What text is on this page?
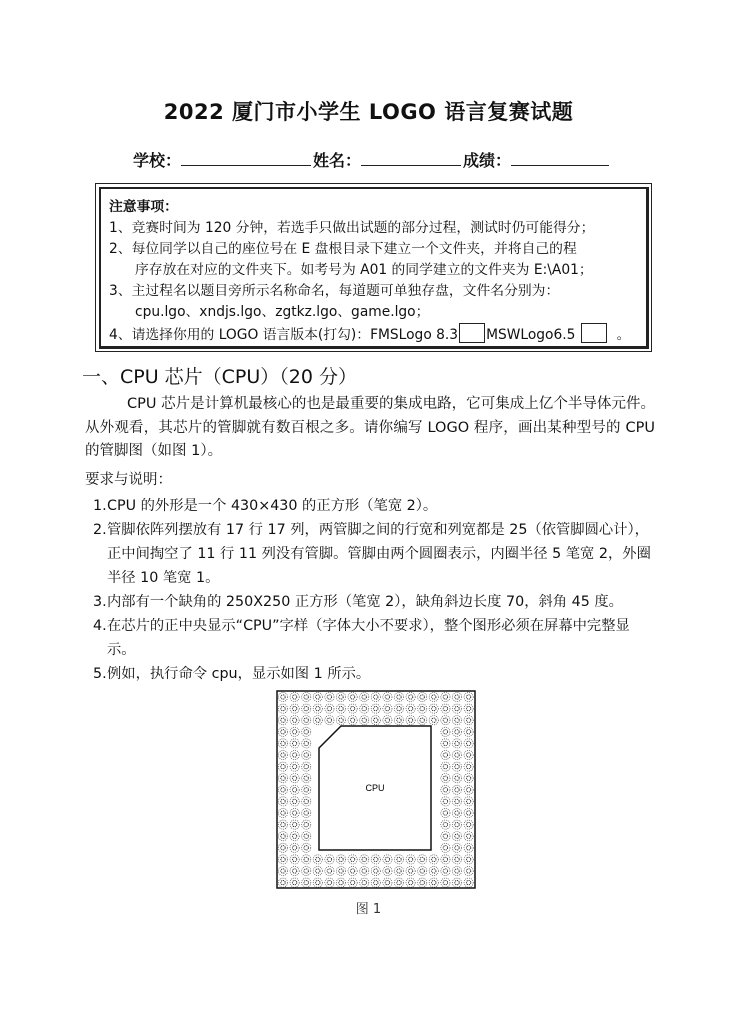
2022 厦门市小学生 LOGO 语言复赛试题
学校：	姓名：	成绩：
注意事项：
1、竞赛时间为 120 分钟，若选手只做出试题的部分过程，测试时仍可能得分；
2、每位同学以自己的座位号在 E 盘根目录下建立一个文件夹，并将自己的程
序存放在对应的文件夹下。如考号为 A01 的同学建立的文件夹为 E:\A01；
3、主过程名以题目旁所示名称命名，每道题可单独存盘，文件名分别为：
cpu.lgo、xndjs.lgo、zgtkz.lgo、game.lgo；
4、请选择你用的 LOGO 语言版本(打勾)：FMSLogo 8.3 MSWLogo6.5	。
一、CPU 芯片（CPU）（20 分）
CPU 芯片是计算机最核心的也是最重要的集成电路，它可集成上亿个半导体元件。从外观看，其芯片的管脚就有数百根之多。请你编写 LOGO 程序，画出某种型号的 CPU 的管脚图（如图 1）。
要求与说明：
1. CPU 的外形是一个 430×430 的正方形（笔宽 2）。
2. 管脚依阵列摆放有 17 行 17 列，两管脚之间的行宽和列宽都是 25（依管脚圆心计），正中间掏空了 11 行 11 列没有管脚。管脚由两个圆圈表示，内圈半径 5 笔宽 2，外圈半径 10 笔宽 1。
3. 内部有一个缺角的 250X250 正方形（笔宽 2），缺角斜边长度 70，斜角 45 度。
4. 在芯片的正中央显示“CPU”字样（字体大小不要求），整个图形必须在屏幕中完整显示。
5. 例如，执行命令 cpu，显示如图 1 所示。
CPU
图 1
